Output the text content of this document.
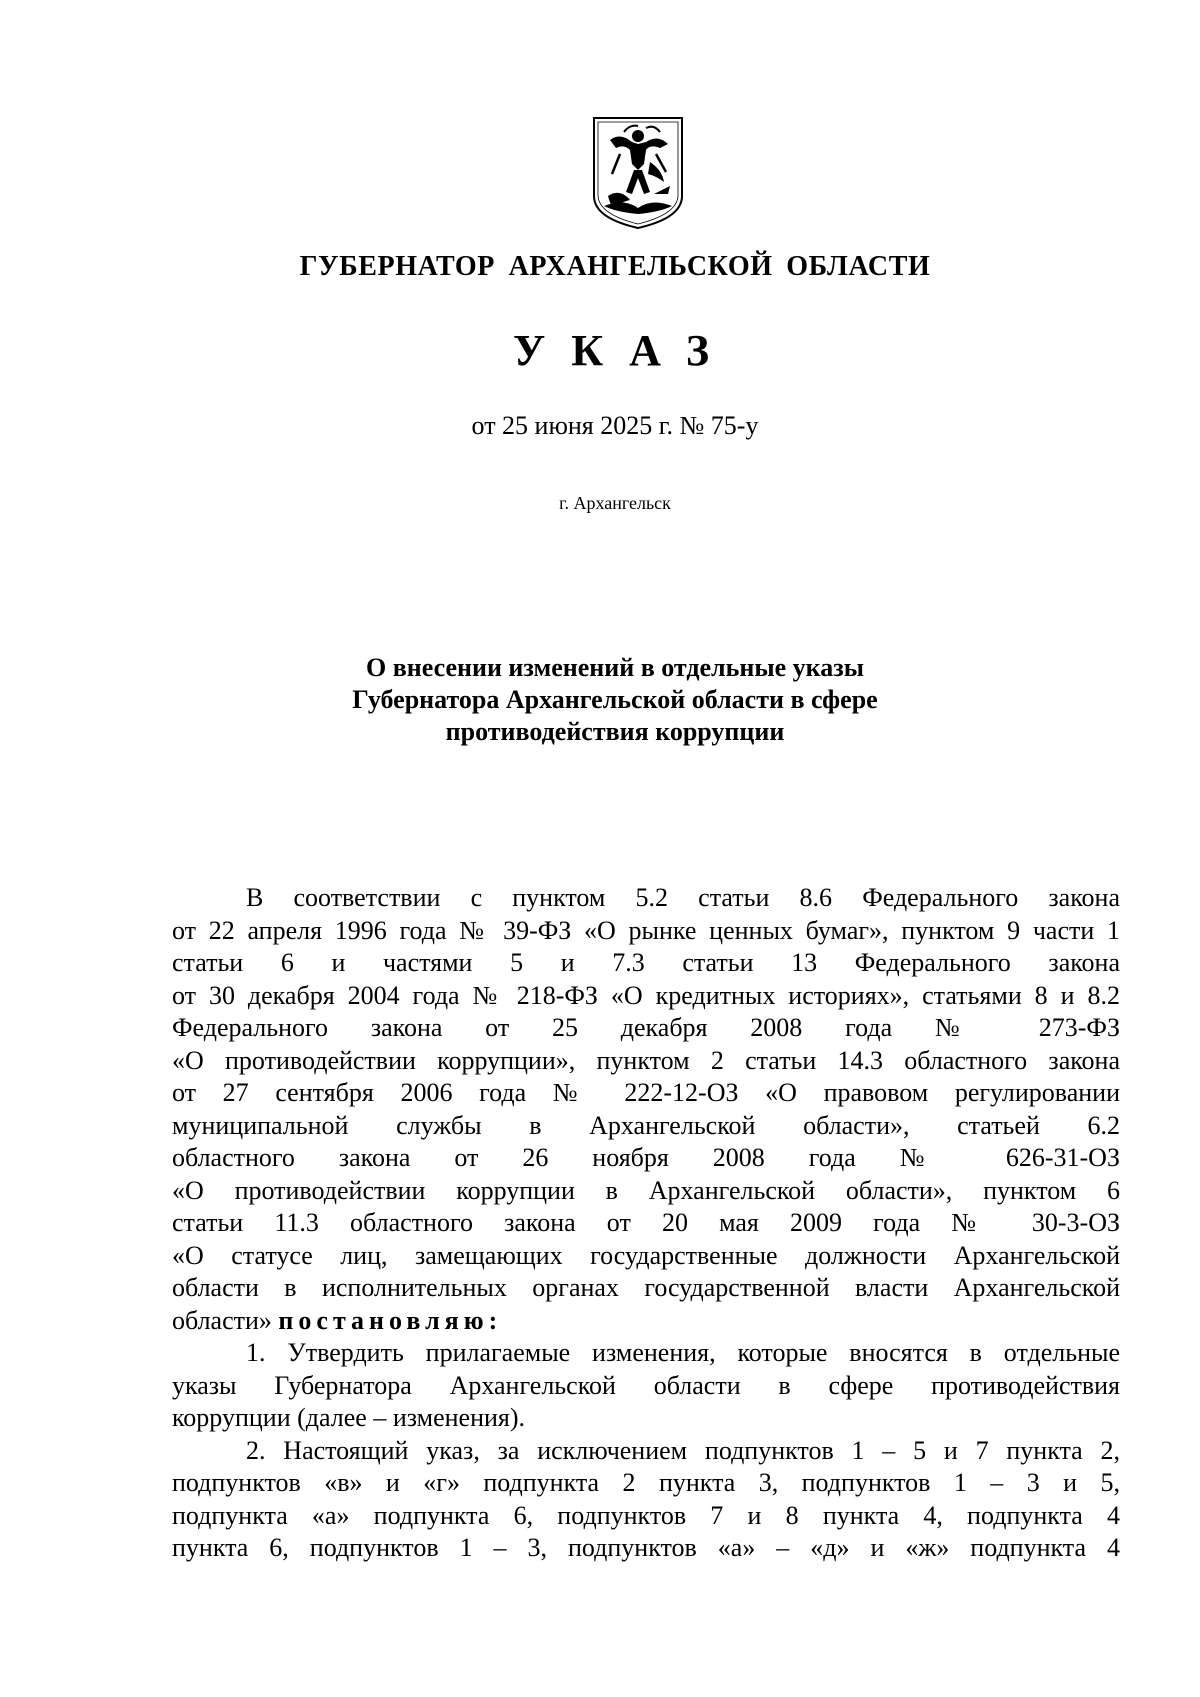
ГУБЕРНАТОР АРХАНГЕЛЬСКОЙ ОБЛАСТИ
УКАЗ
от 25 июня 2025 г. № 75-у
г. Архангельск
О внесении изменений в отдельные указы
Губернатора Архангельской области в сфере
противодействия коррупции
В соответствии с пунктом 5.2 статьи 8.6 Федерального закона
от 22 апреля 1996 года № 39-ФЗ «О рынке ценных бумаг», пунктом 9 части 1
статьи 6 и частями 5 и 7.3 статьи 13 Федерального закона
от 30 декабря 2004 года № 218-ФЗ «О кредитных историях», статьями 8 и 8.2
Федерального закона от 25 декабря 2008 года № 273-ФЗ
«О противодействии коррупции», пунктом 2 статьи 14.3 областного закона
от 27 сентября 2006 года № 222-12-ОЗ «О правовом регулировании
муниципальной службы в Архангельской области», статьей 6.2
областного закона от 26 ноября 2008 года № 626-31-ОЗ
«О противодействии коррупции в Архангельской области», пунктом 6
статьи 11.3 областного закона от 20 мая 2009 года № 30-3-ОЗ
«О статусе лиц, замещающих государственные должности Архангельской
области в исполнительных органах государственной власти Архангельской
области» постановляю:
1. Утвердить прилагаемые изменения, которые вносятся в отдельные
указы Губернатора Архангельской области в сфере противодействия
коррупции (далее – изменения).
2. Настоящий указ, за исключением подпунктов 1 – 5 и 7 пункта 2,
подпунктов «в» и «г» подпункта 2 пункта 3, подпунктов 1 – 3 и 5,
подпункта «а» подпункта 6, подпунктов 7 и 8 пункта 4, подпункта 4
пункта 6, подпунктов 1 – 3, подпунктов «а» – «д» и «ж» подпункта 4
